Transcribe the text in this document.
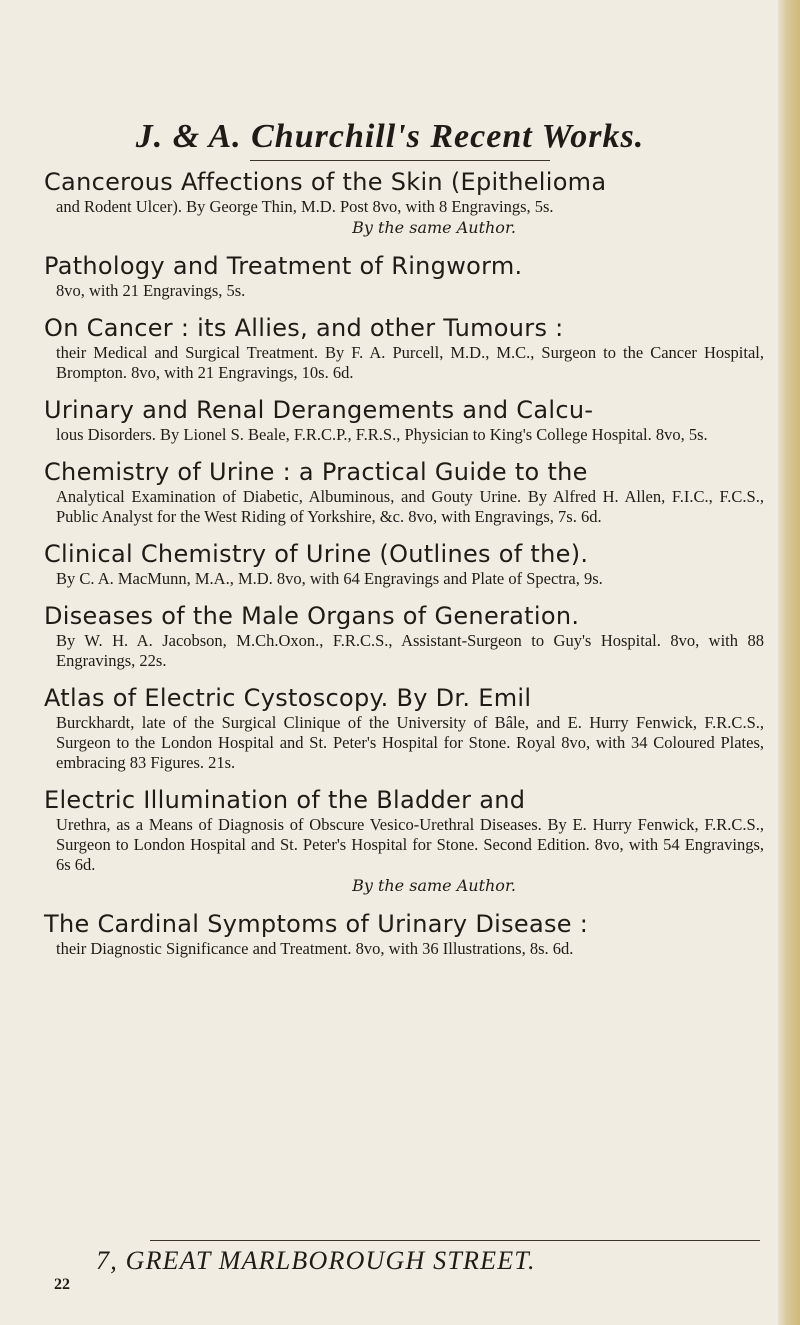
J. & A. Churchill's Recent Works.
Cancerous Affections of the Skin (Epithelioma
and Rodent Ulcer). By George Thin, M.D. Post 8vo, with 8 Engravings, 5s.
By the same Author.
Pathology and Treatment of Ringworm.
8vo, with 21 Engravings, 5s.
On Cancer : its Allies, and other Tumours :
their Medical and Surgical Treatment. By F. A. Purcell, M.D., M.C., Surgeon to the Cancer Hospital, Brompton. 8vo, with 21 Engravings, 10s. 6d.
Urinary and Renal Derangements and Calcu-
lous Disorders. By Lionel S. Beale, F.R.C.P., F.R.S., Physician to King's College Hospital. 8vo, 5s.
Chemistry of Urine : a Practical Guide to the
Analytical Examination of Diabetic, Albuminous, and Gouty Urine. By Alfred H. Allen, F.I.C., F.C.S., Public Analyst for the West Riding of Yorkshire, &c. 8vo, with Engravings, 7s. 6d.
Clinical Chemistry of Urine (Outlines of the).
By C. A. MacMunn, M.A., M.D. 8vo, with 64 Engravings and Plate of Spectra, 9s.
Diseases of the Male Organs of Generation.
By W. H. A. Jacobson, M.Ch.Oxon., F.R.C.S., Assistant-Surgeon to Guy's Hospital. 8vo, with 88 Engravings, 22s.
Atlas of Electric Cystoscopy. By Dr. Emil
Burckhardt, late of the Surgical Clinique of the University of Bâle, and E. Hurry Fenwick, F.R.C.S., Surgeon to the London Hospital and St. Peter's Hospital for Stone. Royal 8vo, with 34 Coloured Plates, embracing 83 Figures. 21s.
Electric Illumination of the Bladder and
Urethra, as a Means of Diagnosis of Obscure Vesico-Urethral Diseases. By E. Hurry Fenwick, F.R.C.S., Surgeon to London Hospital and St. Peter's Hospital for Stone. Second Edition. 8vo, with 54 Engravings, 6s 6d.
By the same Author.
The Cardinal Symptoms of Urinary Disease :
their Diagnostic Significance and Treatment. 8vo, with 36 Illustrations, 8s. 6d.
7, GREAT MARLBOROUGH STREET.
22
